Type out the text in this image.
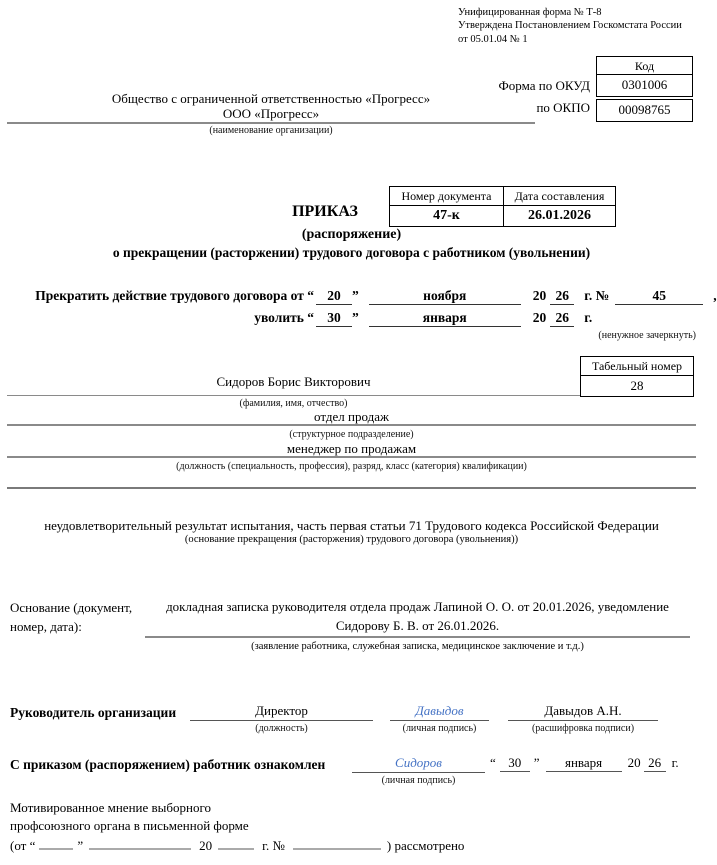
Унифицированная форма № Т-8
Утверждена Постановлением Госкомстата России
от 05.01.04 № 1
Код
0301006
00098765
Форма по ОКУД
по ОКПО
Общество с ограниченной ответственностью «Прогресс»
ООО «Прогресс»
(наименование организации)
ПРИКАЗ
Номер документа
47-к
Дата составления
26.01.2026
(распоряжение)
о прекращении (расторжении) трудового договора с работником (увольнении)
Прекратить действие трудового договора от “ 20 ”	ноября	20 26	г. №	45	,
уволить “ 30 ”	января	20 26	г.
(ненужное зачеркнуть)
Табельный номер
28
Сидоров Борис Викторович
(фамилия, имя, отчество)
отдел продаж
(структурное подразделение)
менеджер по продажам
(должность (специальность, профессия), разряд, класс (категория) квалификации)
неудовлетворительный результат испытания, часть первая статьи 71 Трудового кодекса Российской Федерации
(основание прекращения (расторжения) трудового договора (увольнения))
Основание (документ,
номер, дата):
докладная записка руководителя отдела продаж Лапиной О. О. от 20.01.2026, уведомление
Сидорову Б. В. от 26.01.2026.
(заявление работника, служебная записка, медицинское заключение и т.д.)
Руководитель организации	Директор
(должность)
Давыдов
(личная подпись)
Давыдов А.Н.
(расшифровка подписи)
С приказом (распоряжением) работник ознакомлен	Сидоров
(личная подпись)
“ 30 ”	января	20 26 г.
Мотивированное мнение выборного
профсоюзного органа в письменной форме
(от “	”	20	г. №	) рассмотрено
